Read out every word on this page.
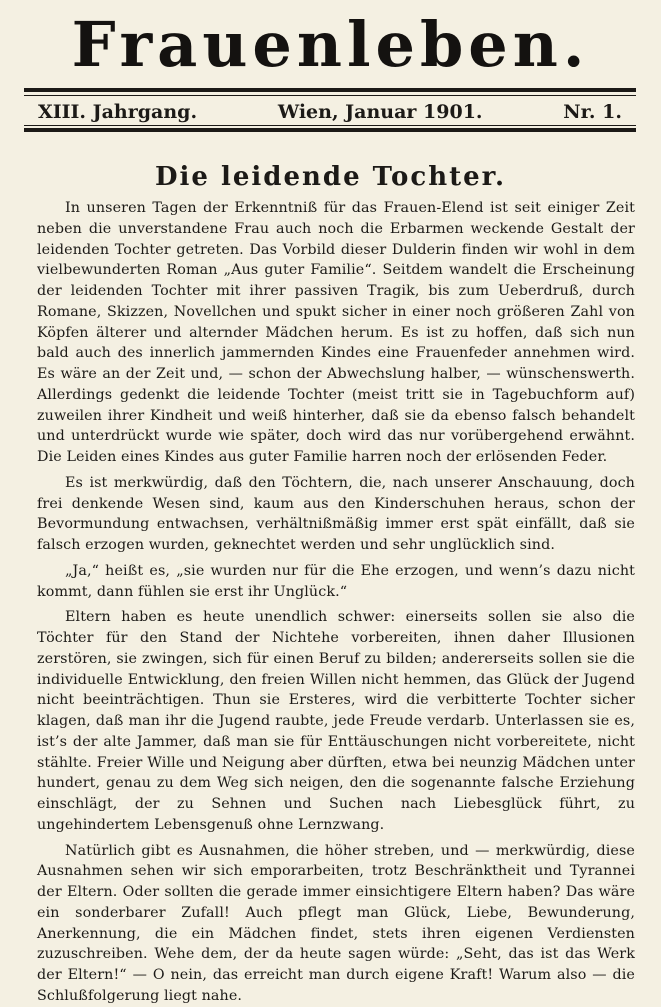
Frauenleben.
XIII. Jahrgang.	Wien, Januar 1901.	Nr. 1.
Die leidende Tochter.

In unseren Tagen der Erkenntniß für das Frauen-Elend ist seit einiger Zeit neben die unverstandene Frau auch noch die Erbarmen weckende Gestalt der leidenden Tochter getreten. Das Vorbild dieser Dulderin finden wir wohl in dem vielbewunderten Roman „Aus guter Familie“. Seitdem wandelt die Erscheinung der leidenden Tochter mit ihrer passiven Tragik, bis zum Ueberdruß, durch Romane, Skizzen, Novellchen und spukt sicher in einer noch größeren Zahl von Köpfen älterer und alternder Mädchen herum. Es ist zu hoffen, daß sich nun bald auch des innerlich jammernden Kindes eine Frauenfeder annehmen wird. Es wäre an der Zeit und, — schon der Abwechslung halber, — wünschenswerth. Allerdings gedenkt die leidende Tochter (meist tritt sie in Tagebuchform auf) zuweilen ihrer Kindheit und weiß hinterher, daß sie da ebenso falsch behandelt und unterdrückt wurde wie später, doch wird das nur vorübergehend erwähnt. Die Leiden eines Kindes aus guter Familie harren noch der erlösenden Feder.

Es ist merkwürdig, daß den Töchtern, die, nach unserer Anschauung, doch frei denkende Wesen sind, kaum aus den Kinderschuhen heraus, schon der Bevormundung entwachsen, verhältnißmäßig immer erst spät einfällt, daß sie falsch erzogen wurden, geknechtet werden und sehr unglücklich sind.

„Ja,“ heißt es, „sie wurden nur für die Ehe erzogen, und wenn’s dazu nicht kommt, dann fühlen sie erst ihr Unglück.“

Eltern haben es heute unendlich schwer: einerseits sollen sie also die Töchter für den Stand der Nichtehe vorbereiten, ihnen daher Illusionen zerstören, sie zwingen, sich für einen Beruf zu bilden; andererseits sollen sie die individuelle Entwicklung, den freien Willen nicht hemmen, das Glück der Jugend nicht beeinträchtigen. Thun sie Ersteres, wird die verbitterte Tochter sicher klagen, daß man ihr die Jugend raubte, jede Freude verdarb. Unterlassen sie es, ist’s der alte Jammer, daß man sie für Enttäuschungen nicht vorbereitete, nicht stählte. Freier Wille und Neigung aber dürften, etwa bei neunzig Mädchen unter hundert, genau zu dem Weg sich neigen, den die sogenannte falsche Erziehung einschlägt, der zu Sehnen und Suchen nach Liebesglück führt, zu ungehindertem Lebensgenuß ohne Lernzwang.

Natürlich gibt es Ausnahmen, die höher streben, und — merkwürdig, diese Ausnahmen sehen wir sich emporarbeiten, trotz Beschränktheit und Tyrannei der Eltern. Oder sollten die gerade immer einsichtigere Eltern haben? Das wäre ein sonderbarer Zufall! Auch pflegt man Glück, Liebe, Bewunderung, Anerkennung, die ein Mädchen findet, stets ihren eigenen Verdiensten zuzuschreiben. Wehe dem, der da heute sagen würde: „Seht, das ist das Werk der Eltern!“ — O nein, das erreicht man durch eigene Kraft! Warum also — die Schlußfolgerung liegt nahe.
